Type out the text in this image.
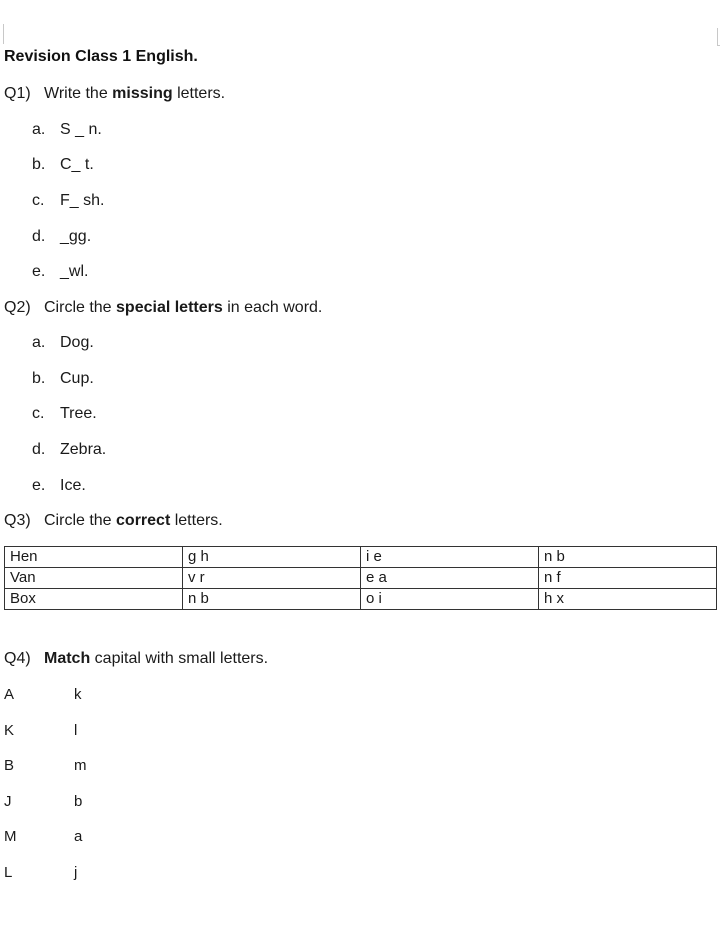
Revision Class 1 English.
Q1) Write the missing letters.
a. S _ n.
b. C_ t.
c. F_ sh.
d. _gg.
e. _wl.
Q2) Circle the special letters in each word.
a. Dog.
b. Cup.
c. Tree.
d. Zebra.
e. Ice.
Q3) Circle the correct letters.
Hen	g h	i e	n b
Van	v r	e a	n f
Box	n b	o i	h x
Q4) Match capital with small letters.
A	k
K	l
B	m
J	b
M	a
L	j
